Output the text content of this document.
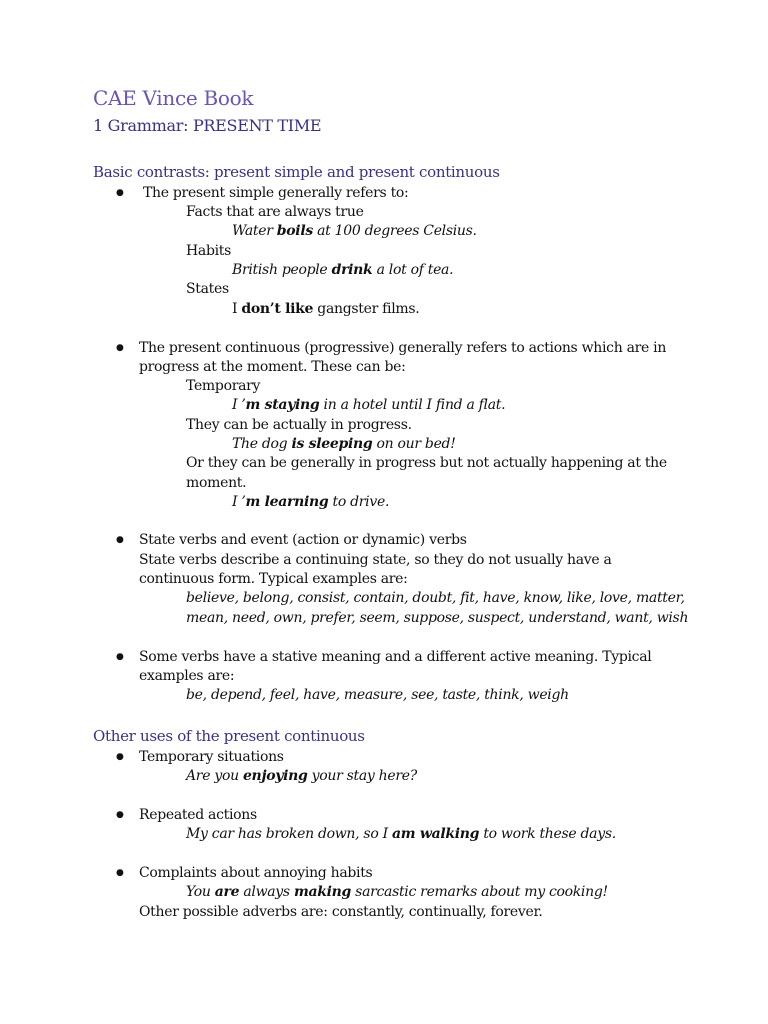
CAE Vince Book
1 Grammar: PRESENT TIME
Basic contrasts: present simple and present continuous
● The present simple generally refers to:
Facts that are always true
Water boils at 100 degrees Celsius.
Habits
British people drink a lot of tea.
States
I don’t like gangster films.
● The present continuous (progressive) generally refers to actions which are in
progress at the moment. These can be:
Temporary
I ’m staying in a hotel until I find a flat.
They can be actually in progress.
The dog is sleeping on our bed!
Or they can be generally in progress but not actually happening at the
moment.
I ’m learning to drive.
● State verbs and event (action or dynamic) verbs
State verbs describe a continuing state, so they do not usually have a
continuous form. Typical examples are:
believe, belong, consist, contain, doubt, fit, have, know, like, love, matter,
mean, need, own, prefer, seem, suppose, suspect, understand, want, wish
● Some verbs have a stative meaning and a different active meaning. Typical
examples are:
be, depend, feel, have, measure, see, taste, think, weigh
Other uses of the present continuous
● Temporary situations
Are you enjoying your stay here?
● Repeated actions
My car has broken down, so I am walking to work these days.
● Complaints about annoying habits
You are always making sarcastic remarks about my cooking!
Other possible adverbs are: constantly, continually, forever.
